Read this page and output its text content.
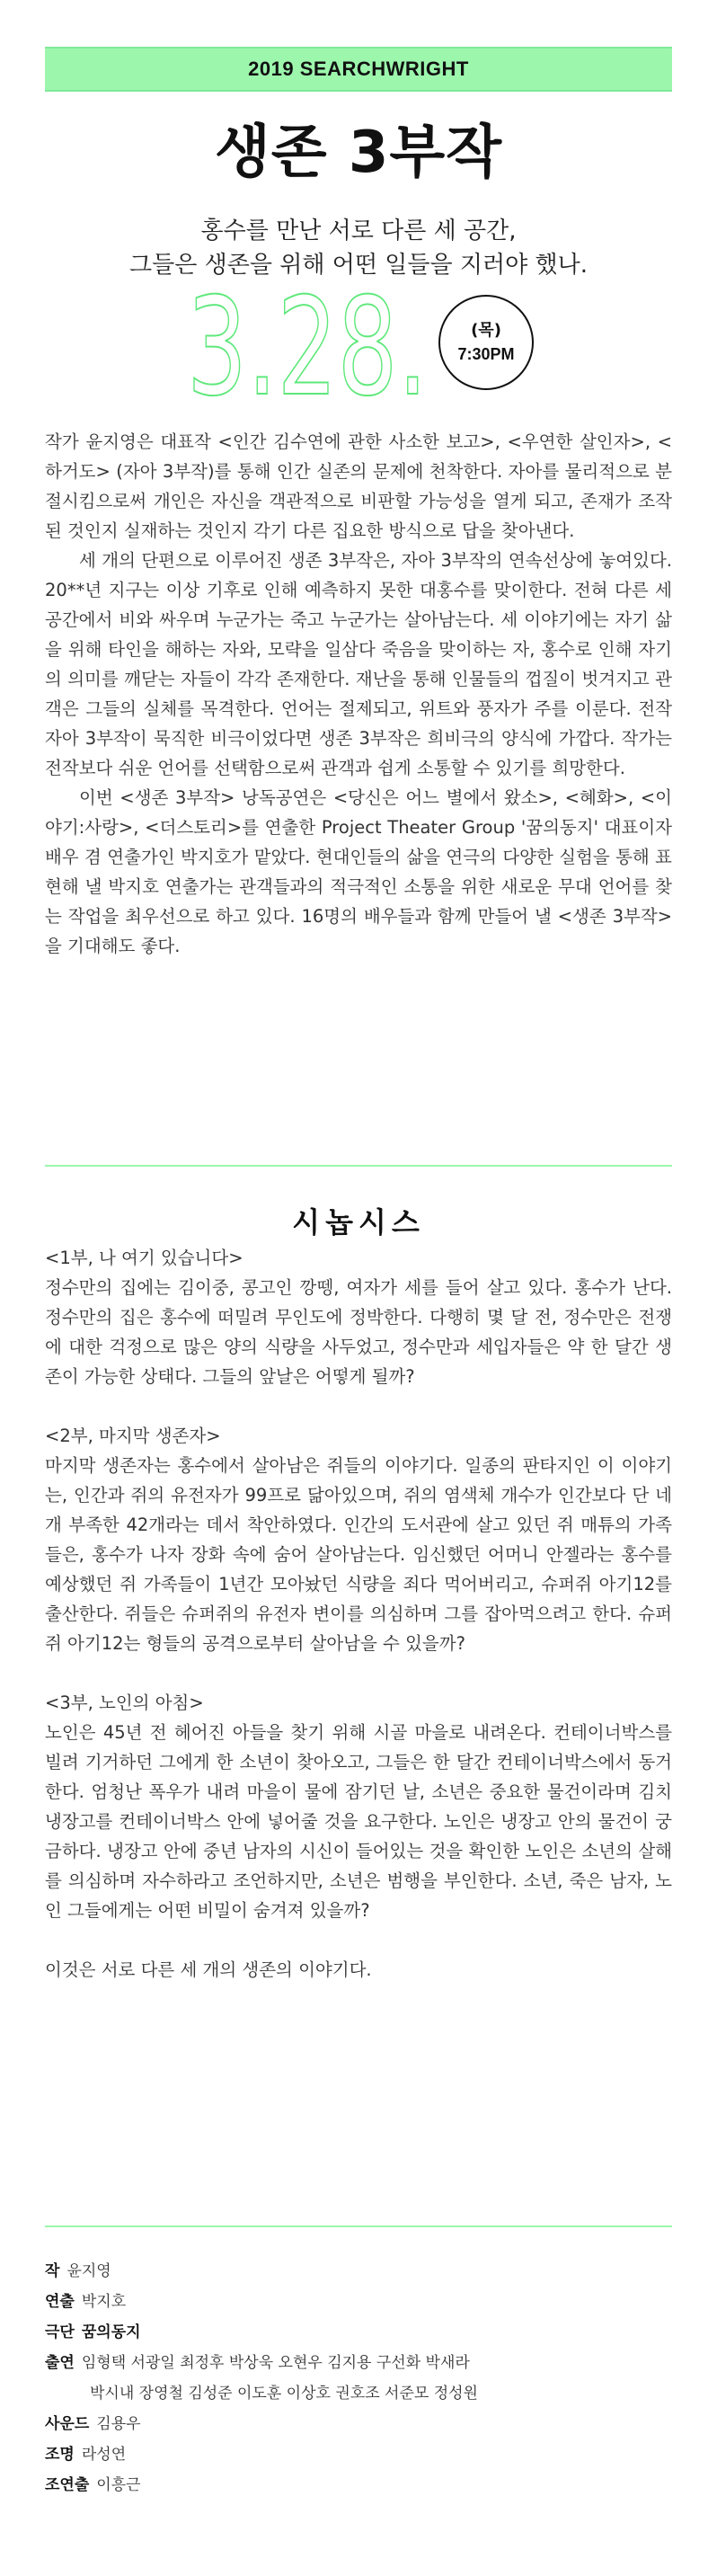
2019 SEARCHWRIGHT
생존 3부작
홍수를 만난 서로 다른 세 공간,
그들은 생존을 위해 어떤 일들을 지러야 했나.
3.28.	(목)
7:30PM

작가 윤지영은 대표작 <인간 김수연에 관한 사소한 보고>, <우연한 살인자>, <하거도> (자아 3부작)를 통해 인간 실존의 문제에 천착한다. 자아를 물리적으로 분절시킴으로써 개인은 자신을 객관적으로 비판할 가능성을 열게 되고, 존재가 조작된 것인지 실재하는 것인지 각기 다른 집요한 방식으로 답을 찾아낸다.

세 개의 단편으로 이루어진 생존 3부작은, 자아 3부작의 연속선상에 놓여있다. 20**년 지구는 이상 기후로 인해 예측하지 못한 대홍수를 맞이한다. 전혀 다른 세 공간에서 비와 싸우며 누군가는 죽고 누군가는 살아남는다. 세 이야기에는 자기 삶을 위해 타인을 해하는 자와, 모략을 일삼다 죽음을 맞이하는 자, 홍수로 인해 자기의 의미를 깨닫는 자들이 각각 존재한다. 재난을 통해 인물들의 껍질이 벗겨지고 관객은 그들의 실체를 목격한다. 언어는 절제되고, 위트와 풍자가 주를 이룬다. 전작 자아 3부작이 묵직한 비극이었다면 생존 3부작은 희비극의 양식에 가깝다. 작가는 전작보다 쉬운 언어를 선택함으로써 관객과 쉽게 소통할 수 있기를 희망한다.

이번 <생존 3부작> 낭독공연은 <당신은 어느 별에서 왔소>, <혜화>, <이야기:사랑>, <더스토리>를 연출한 Project Theater Group '꿈의동지' 대표이자 배우 겸 연출가인 박지호가 맡았다. 현대인들의 삶을 연극의 다양한 실험을 통해 표현해 낼 박지호 연출가는 관객들과의 적극적인 소통을 위한 새로운 무대 언어를 찾는 작업을 최우선으로 하고 있다. 16명의 배우들과 함께 만들어 낼 <생존 3부작>을 기대해도 좋다.

시놉시스

<1부, 나 여기 있습니다>

정수만의 집에는 김이중, 콩고인 깡뗑, 여자가 세를 들어 살고 있다. 홍수가 난다. 정수만의 집은 홍수에 떠밀려 무인도에 정박한다. 다행히 몇 달 전, 정수만은 전쟁에 대한 걱정으로 많은 양의 식량을 사두었고, 정수만과 세입자들은 약 한 달간 생존이 가능한 상태다. 그들의 앞날은 어떻게 될까?

<2부, 마지막 생존자>

마지막 생존자는 홍수에서 살아남은 쥐들의 이야기다. 일종의 판타지인 이 이야기는, 인간과 쥐의 유전자가 99프로 닮아있으며, 쥐의 염색체 개수가 인간보다 단 네 개 부족한 42개라는 데서 착안하였다. 인간의 도서관에 살고 있던 쥐 매튜의 가족들은, 홍수가 나자 장화 속에 숨어 살아남는다. 임신했던 어머니 안젤라는 홍수를 예상했던 쥐 가족들이 1년간 모아놨던 식량을 죄다 먹어버리고, 슈퍼쥐 아기12를 출산한다. 쥐들은 슈퍼쥐의 유전자 변이를 의심하며 그를 잡아먹으려고 한다. 슈퍼쥐 아기12는 형들의 공격으로부터 살아남을 수 있을까?

<3부, 노인의 아침>

노인은 45년 전 헤어진 아들을 찾기 위해 시골 마을로 내려온다. 컨테이너박스를 빌려 기거하던 그에게 한 소년이 찾아오고, 그들은 한 달간 컨테이너박스에서 동거한다. 엄청난 폭우가 내려 마을이 물에 잠기던 날, 소년은 중요한 물건이라며 김치냉장고를 컨테이너박스 안에 넣어줄 것을 요구한다. 노인은 냉장고 안의 물건이 궁금하다. 냉장고 안에 중년 남자의 시신이 들어있는 것을 확인한 노인은 소년의 살해를 의심하며 자수하라고 조언하지만, 소년은 범행을 부인한다. 소년, 죽은 남자, 노인 그들에게는 어떤 비밀이 숨겨져 있을까?

이것은 서로 다른 세 개의 생존의 이야기다.

작 윤지영
연출 박지호
극단 꿈의동지
출연 임형택 서광일 최정후 박상욱 오현우 김지용 구선화 박새라
박시내 장영철 김성준 이도훈 이상호 권호조 서준모 정성원
사운드 김용우
조명 라성연
조연출 이흥근
